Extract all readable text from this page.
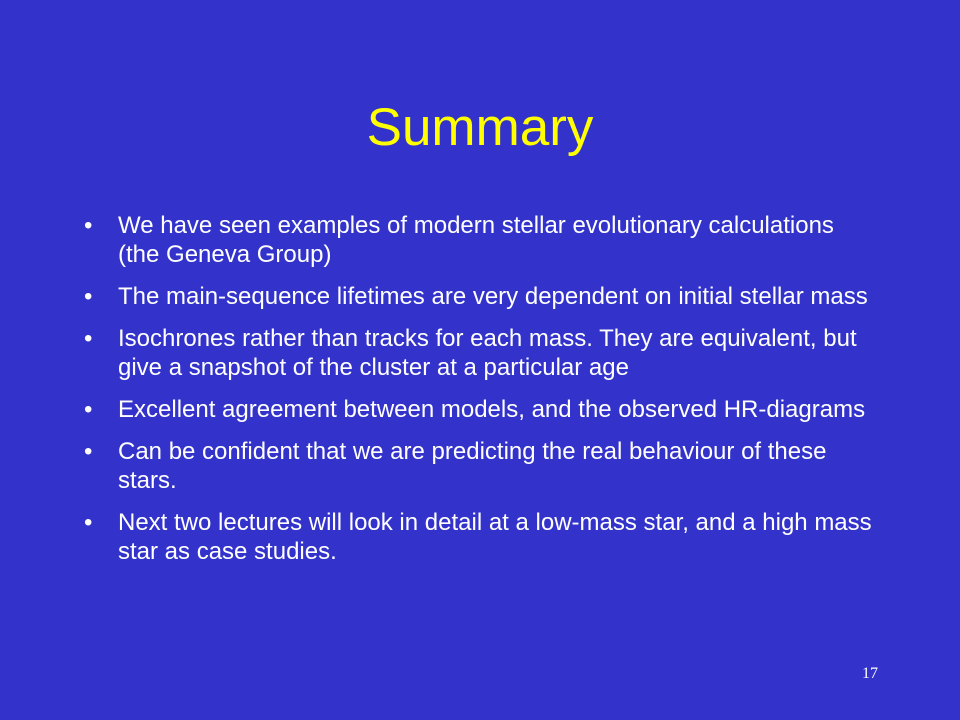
Summary
• We have seen examples of modern stellar evolutionary calculations (the Geneva Group)
• The main-sequence lifetimes are very dependent on initial stellar mass
• Isochrones rather than tracks for each mass. They are equivalent, but give a snapshot of the cluster at a particular age
• Excellent agreement between models, and the observed HR-diagrams
• Can be confident that we are predicting the real behaviour of these stars.
• Next two lectures will look in detail at a low-mass star, and a high mass star as case studies.
17
